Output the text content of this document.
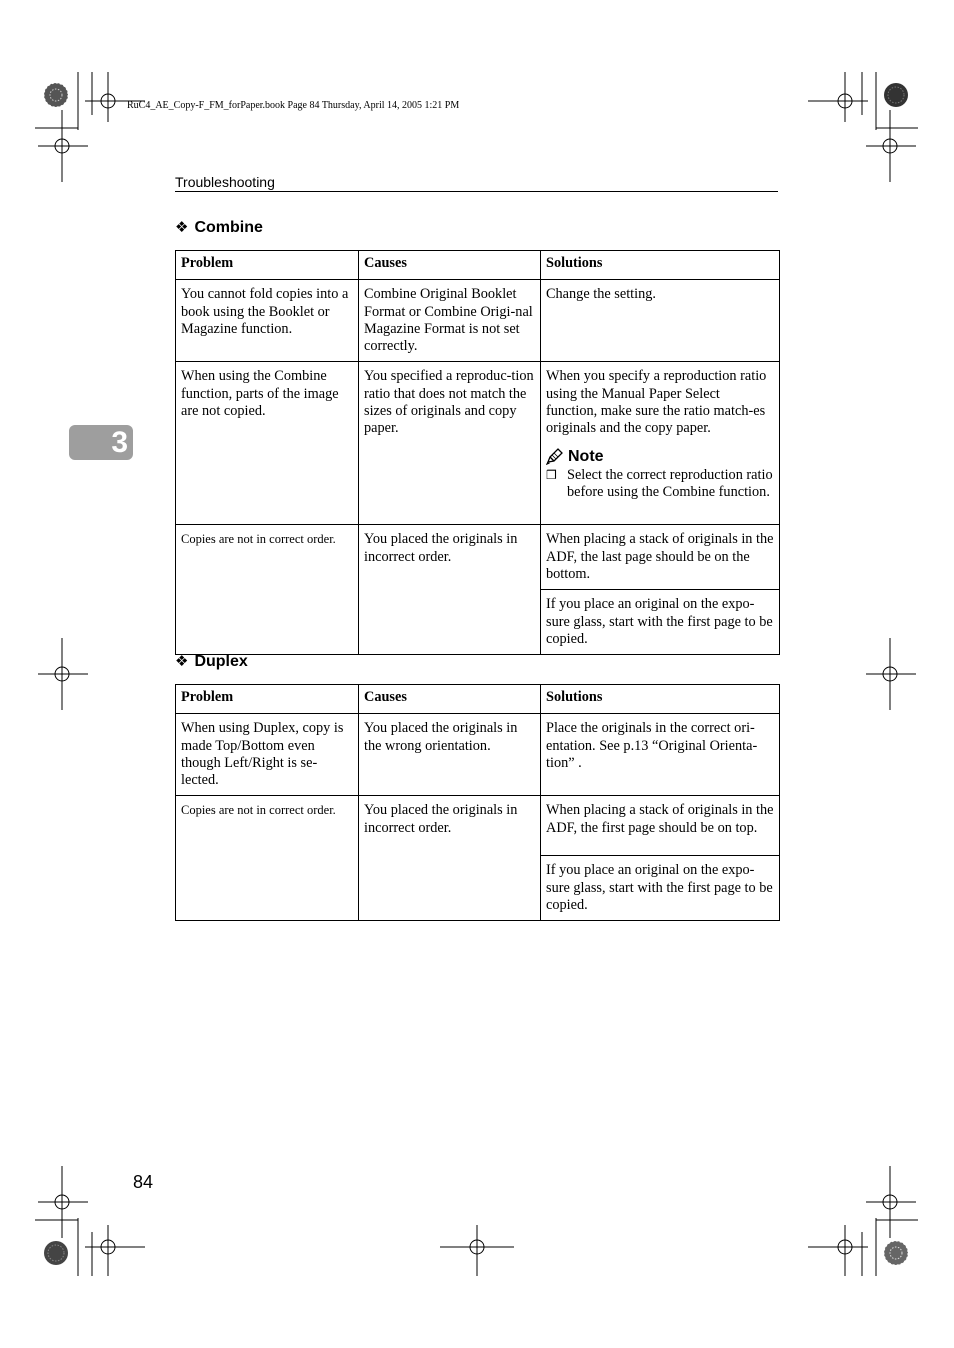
RuC4_AE_Copy-F_FM_forPaper.book Page 84 Thursday, April 14, 2005 1:21 PM
Troubleshooting
3
❖ Combine
Problem	Causes	Solutions
You cannot fold copies into a book using the Booklet or Magazine function.	Combine Original Booklet Format or Combine Origi-nal Magazine Format is not set correctly.	Change the setting.
When using the Combine function, parts of the image are not copied.	You specified a reproduc-tion ratio that does not match the sizes of originals and copy paper.	When you specify a reproduction ratio using the Manual Paper Select function, make sure the ratio match-es originals and the copy paper.
Note
❒ Select the correct reproduction ratio before using the Combine function.

Copies are not in correct order.	You placed the originals in incorrect order.	When placing a stack of originals in the ADF, the last page should be on the bottom.
		If you place an original on the expo-sure glass, start with the first page to be copied.
❖ Duplex
Problem	Causes	Solutions
When using Duplex, copy is made Top/Bottom even though Left/Right is se-lected.	You placed the originals in the wrong orientation.	Place the originals in the correct ori-entation. See p.13 “Original Orienta-tion” .
Copies are not in correct order.	You placed the originals in incorrect order.	When placing a stack of originals in the ADF, the first page should be on top.
		If you place an original on the expo-sure glass, start with the first page to be copied.
84
